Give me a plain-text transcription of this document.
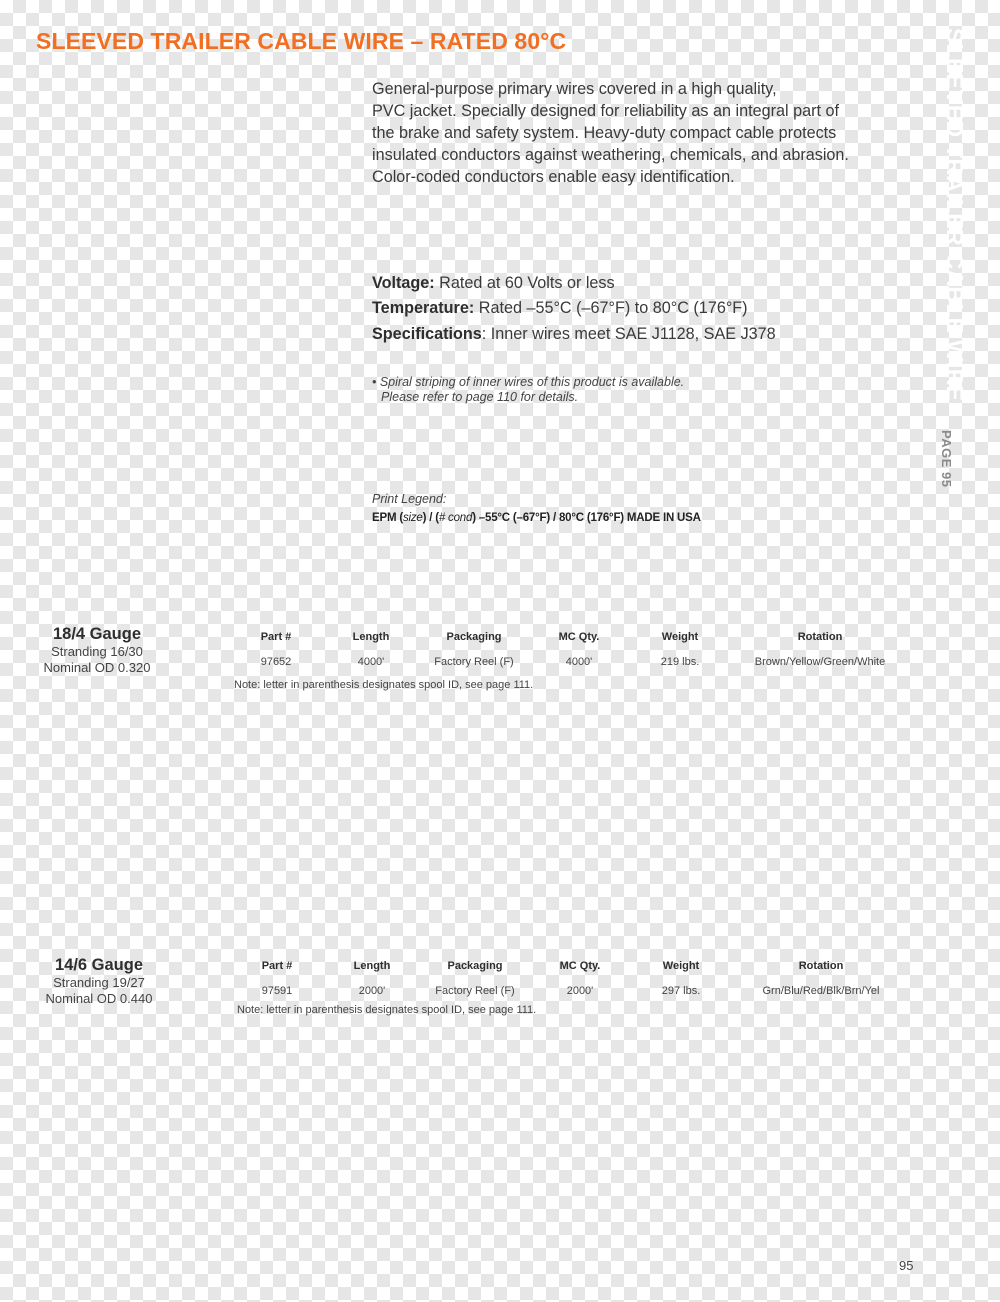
SLEEVED TRAILER CABLE WIRE – RATED 80°C	SLEEVED TRAILER CABLE WIRE
PAGE 95
General-purpose primary wires covered in a high quality,
PVC jacket. Specially designed for reliability as an integral part of
the brake and safety system. Heavy-duty compact cable protects
insulated conductors against weathering, chemicals, and abrasion.
Color-coded conductors enable easy identification.
Voltage: Rated at 60 Volts or less
Temperature: Rated –55°C (–67°F) to 80°C (176°F)
Specifications: Inner wires meet SAE J1128, SAE J378
• Spiral striping of inner wires of this product is available.
Please refer to page 110 for details.
Print Legend:
EPM (size) / (# cond) –55°C (–67°F) / 80°C (176°F) MADE IN USA
18/4 Gauge
Stranding 16/30
Nominal OD 0.320
Part #	Length	Packaging	MC Qty.	Weight	Rotation
97652	4000'	Factory Reel (F)	4000'	219 lbs.	Brown/Yellow/Green/White
Note: letter in parenthesis designates spool ID, see page 111.
14/6 Gauge
Stranding 19/27
Nominal OD 0.440
Part #	Length	Packaging	MC Qty.	Weight	Rotation
97591	2000'	Factory Reel (F)	2000'	297 lbs.	Grn/Blu/Red/Blk/Brn/Yel
Note: letter in parenthesis designates spool ID, see page 111.
95
